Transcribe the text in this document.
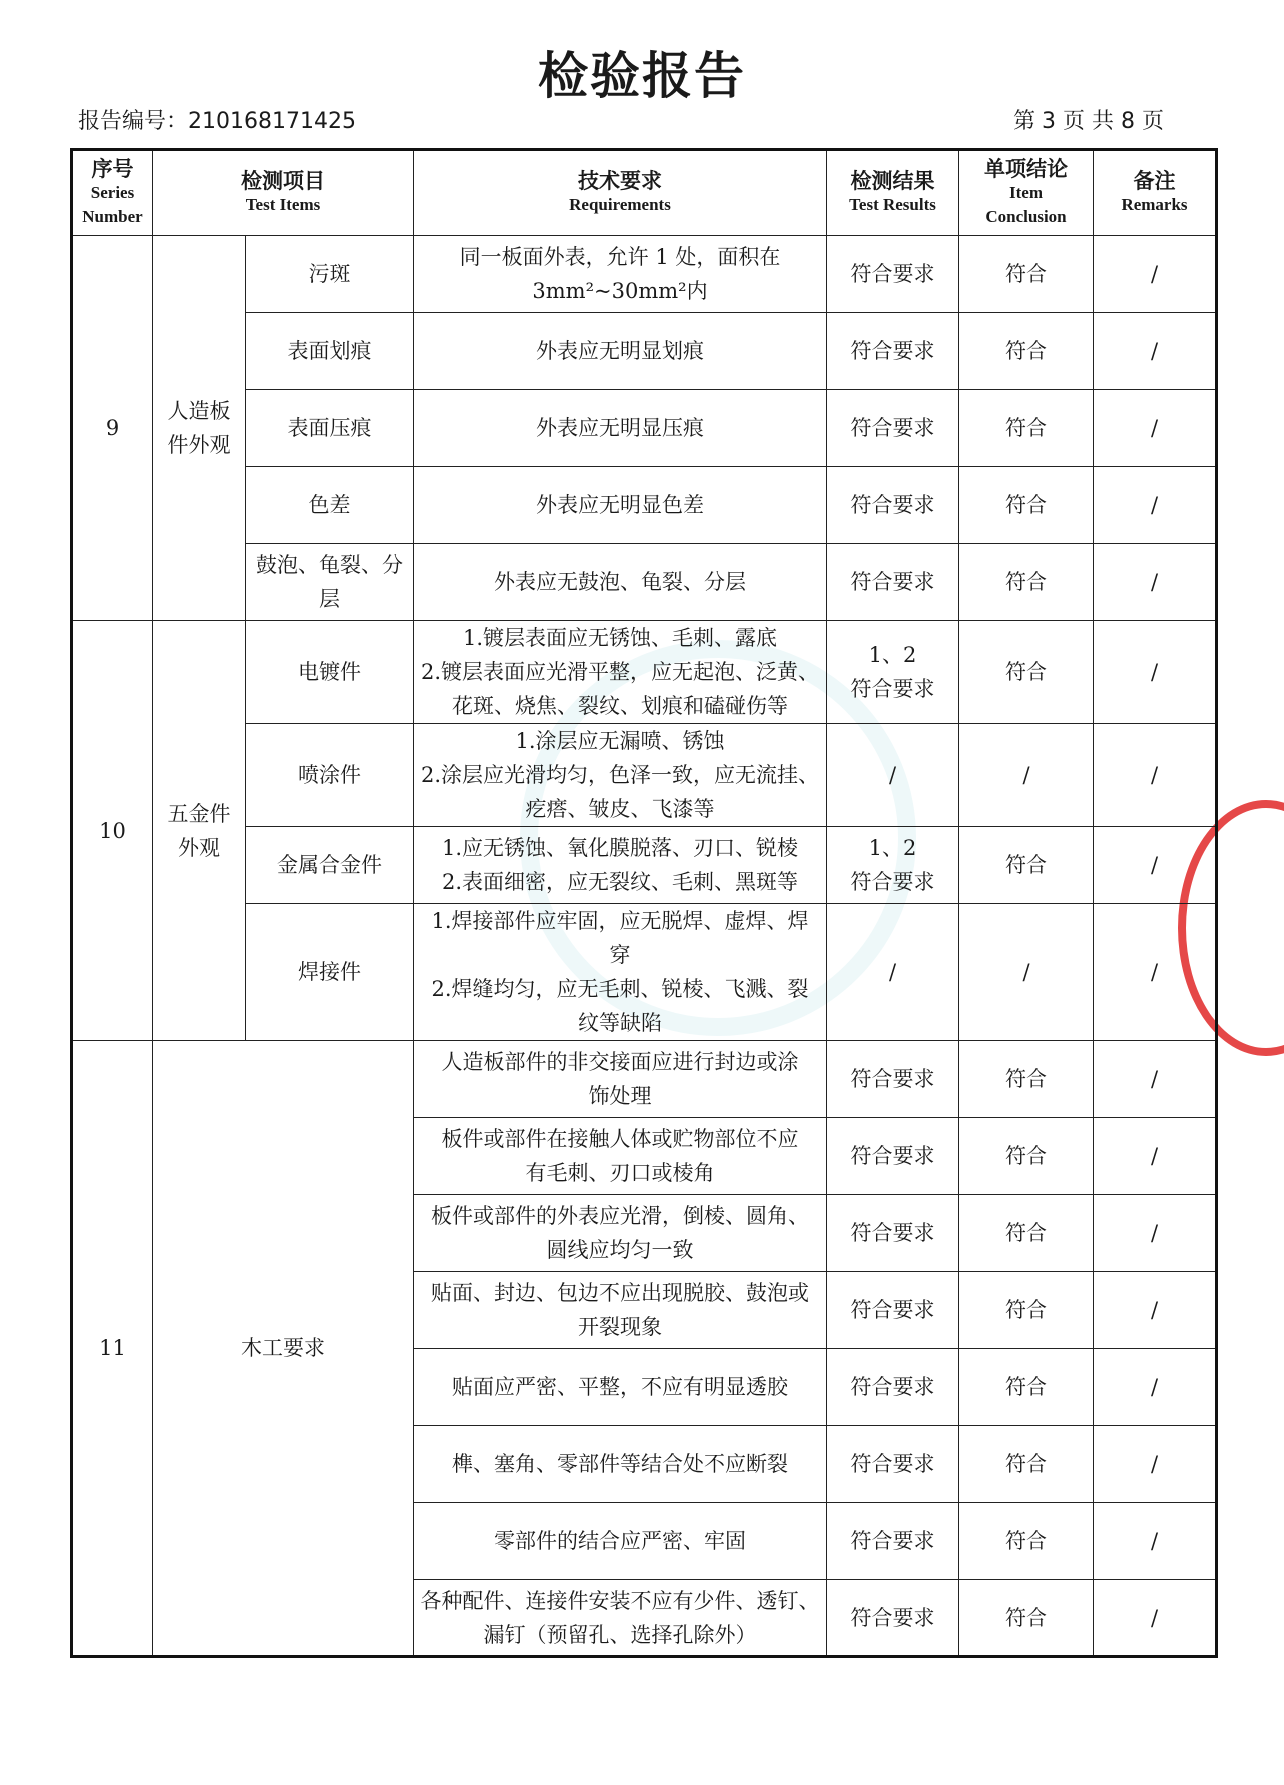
检验报告
报告编号：210168171425	第 3 页 共 8 页
序号
Series
Number	检测项目
Test Items		技术要求
Requirements	检测结果
Test Results	单项结论
Item
Conclusion	备注
Remarks

9	人造板
件外观	污斑	同一板面外表，允许 1 处，面积在
3mm²~30mm²内	符合要求	符合	/
		表面划痕	外表应无明显划痕	符合要求	符合	/
		表面压痕	外表应无明显压痕	符合要求	符合	/
		色差	外表应无明显色差	符合要求	符合	/

		鼓泡、龟裂、分
层	外表应无鼓泡、龟裂、分层	符合要求	符合	/
10	五金件
外观	电镀件	1.镀层表面应无锈蚀、毛刺、露底
2.镀层表面应光滑平整，应无起泡、泛黄、
花斑、烧焦、裂纹、划痕和磕碰伤等	1、2
符合要求	符合	/
		喷涂件	1.涂层应无漏喷、锈蚀
2.涂层应光滑均匀，色泽一致，应无流挂、
疙瘩、皱皮、飞漆等	/	/	/
		金属合金件	1.应无锈蚀、氧化膜脱落、刃口、锐棱
2.表面细密，应无裂纹、毛刺、黑斑等	1、2
符合要求	符合	/
		焊接件	1.焊接部件应牢固，应无脱焊、虚焊、焊
穿
2.焊缝均匀，应无毛刺、锐棱、飞溅、裂
纹等缺陷	/	/	/
11	木工要求		人造板部件的非交接面应进行封边或涂
饰处理	符合要求	符合	/

			板件或部件在接触人体或贮物部位不应
有毛刺、刃口或棱角	符合要求	符合	/

			板件或部件的外表应光滑，倒棱、圆角、
圆线应均匀一致	符合要求	符合	/

			贴面、封边、包边不应出现脱胶、鼓泡或
开裂现象	符合要求	符合	/

			贴面应严密、平整，不应有明显透胶	符合要求	符合	/

			榫、塞角、零部件等结合处不应断裂	符合要求	符合	/

			零部件的结合应严密、牢固	符合要求	符合	/

			各种配件、连接件安装不应有少件、透钉、
漏钉（预留孔、选择孔除外）	符合要求	符合	/
